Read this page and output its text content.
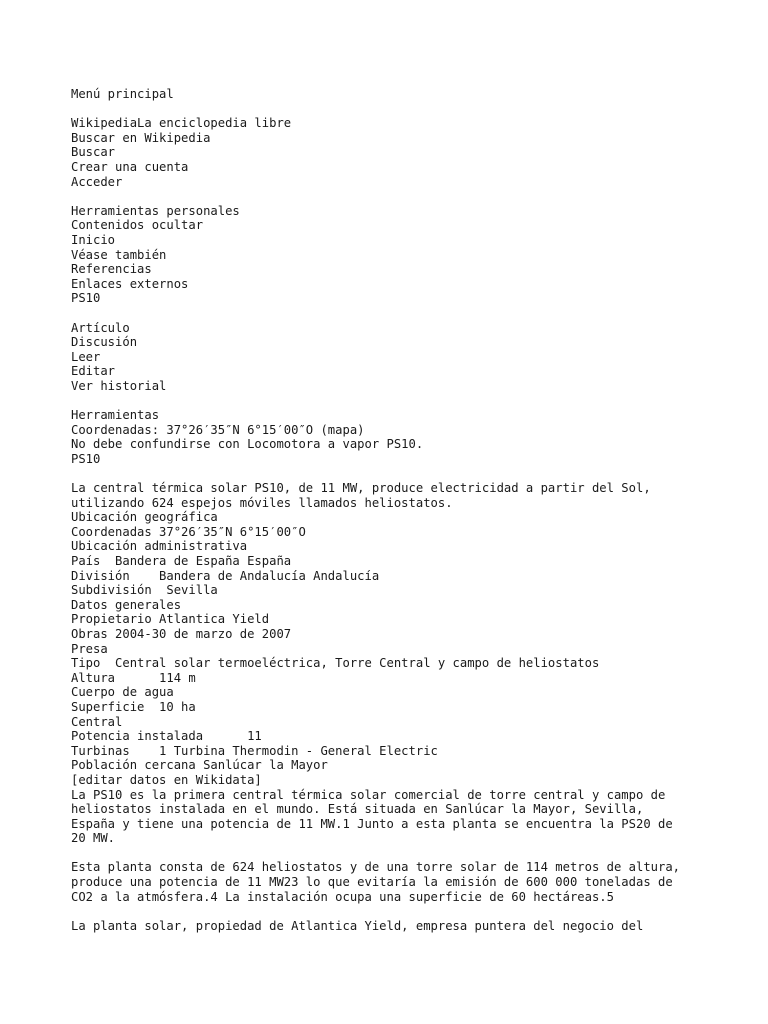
Menú principal
WikipediaLa enciclopedia libre
Buscar en Wikipedia
Buscar
Crear una cuenta
Acceder
Herramientas personales
Contenidos ocultar
Inicio
Véase también
Referencias
Enlaces externos
PS10
Artículo
Discusión
Leer
Editar
Ver historial
Herramientas
Coordenadas: 37°26′35″N 6°15′00″O (mapa)
No debe confundirse con Locomotora a vapor PS10.
PS10
La central térmica solar PS10, de 11 MW, produce electricidad a partir del Sol,
utilizando 624 espejos móviles llamados heliostatos.
Ubicación geográfica
Coordenadas 37°26′35″N 6°15′00″O
Ubicación administrativa
País  Bandera de España España
División    Bandera de Andalucía Andalucía
Subdivisión  Sevilla
Datos generales
Propietario Atlantica Yield
Obras 2004-30 de marzo de 2007
Presa
Tipo  Central solar termoeléctrica, Torre Central y campo de heliostatos
Altura      114 m
Cuerpo de agua
Superficie  10 ha
Central
Potencia instalada      11
Turbinas    1 Turbina Thermodin - General Electric
Población cercana Sanlúcar la Mayor
[editar datos en Wikidata]
La PS10 es la primera central térmica solar comercial de torre central y campo de
heliostatos instalada en el mundo. Está situada en Sanlúcar la Mayor, Sevilla,
España y tiene una potencia de 11 MW.1 Junto a esta planta se encuentra la PS20 de
20 MW.
Esta planta consta de 624 heliostatos y de una torre solar de 114 metros de altura,
produce una potencia de 11 MW23 lo que evitaría la emisión de 600 000 toneladas de
CO2 a la atmósfera.4 La instalación ocupa una superficie de 60 hectáreas.5
La planta solar, propiedad de Atlantica Yield, empresa puntera del negocio del
